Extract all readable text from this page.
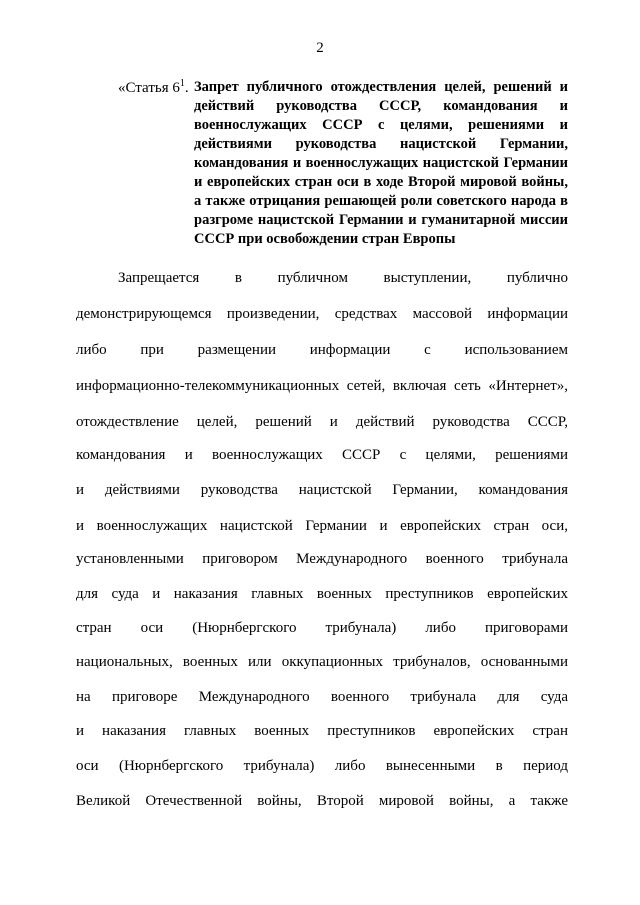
2
«Статья $6^1$. Запрет публичного отождествления целей, решений и действий руководства СССР, командования и военнослужащих СССР с целями, решениями и действиями руководства нацистской Германии, командования и военнослужащих нацистской Германии и европейских стран оси в ходе Второй мировой войны, а также отрицания решающей роли советского народа в разгроме нацистской Германии и гуманитарной миссии СССР при освобождении стран Европы
Запрещается в публичном выступлении, публично
демонстрирующемся произведении, средствах массовой информации
либо при размещении информации с использованием
информационно-телекоммуникационных сетей, включая сеть «Интернет»,
отождествление целей, решений и действий руководства СССР,
командования и военнослужащих СССР с целями, решениями
и действиями руководства нацистской Германии, командования
и военнослужащих нацистской Германии и европейских стран оси,
установленными приговором Международного военного трибунала
для суда и наказания главных военных преступников европейских
стран оси (Нюрнбергского трибунала) либо приговорами
национальных, военных или оккупационных трибуналов, основанными
на приговоре Международного военного трибунала для суда
и наказания главных военных преступников европейских стран
оси (Нюрнбергского трибунала) либо вынесенными в период
Великой Отечественной войны, Второй мировой войны, а также
